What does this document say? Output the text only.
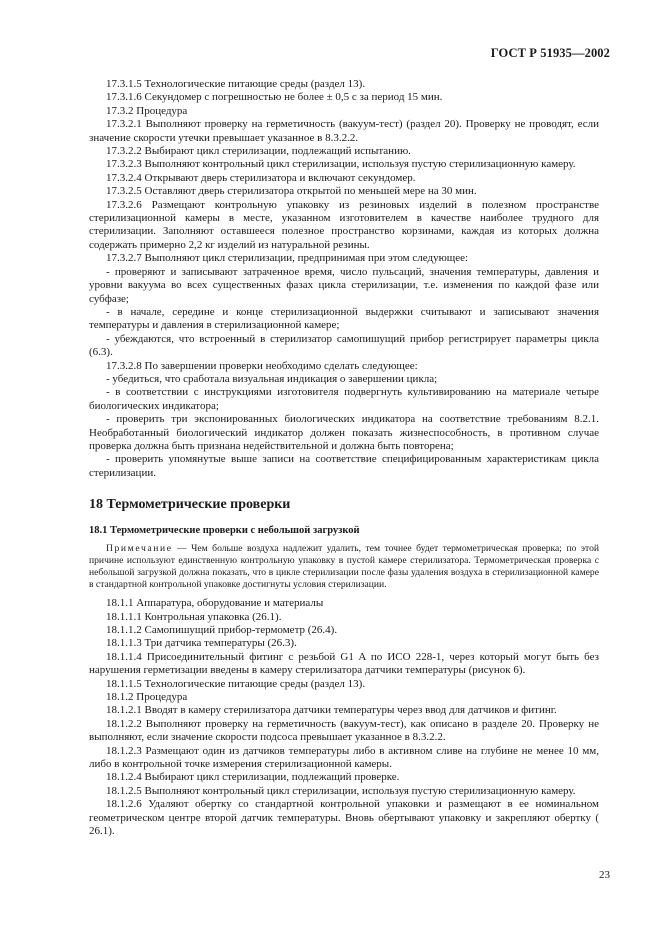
ГОСТ Р 51935—2002

17.3.1.5 Технологические питающие среды (раздел 13).

17.3.1.6 Секундомер с погрешностью не более ± 0,5 с за период 15 мин.

17.3.2 Процедура

17.3.2.1 Выполняют проверку на герметичность (вакуум-тест) (раздел 20). Проверку не проводят, если значение скорости утечки превышает указанное в 8.3.2.2.

17.3.2.2 Выбирают цикл стерилизации, подлежащий испытанию.

17.3.2.3 Выполняют контрольный цикл стерилизации, используя пустую стерилизационную камеру.

17.3.2.4 Открывают дверь стерилизатора и включают секундомер.

17.3.2.5 Оставляют дверь стерилизатора открытой по меньшей мере на 30 мин.

17.3.2.6 Размещают контрольную упаковку из резиновых изделий в полезном пространстве стерилизационной камеры в месте, указанном изготовителем в качестве наиболее трудного для стерилизации. Заполняют оставшееся полезное пространство корзинами, каждая из которых должна содержать примерно 2,2 кг изделий из натуральной резины.

17.3.2.7 Выполняют цикл стерилизации, предпринимая при этом следующее:

- проверяют и записывают затраченное время, число пульсаций, значения температуры, давления и уровни вакуума во всех существенных фазах цикла стерилизации, т.е. изменения по каждой фазе или субфазе;

- в начале, середине и конце стерилизационной выдержки считывают и записывают значения температуры и давления в стерилизационной камере;

- убеждаются, что встроенный в стерилизатор самопишущий прибор регистрирует параметры цикла (6.3).

17.3.2.8 По завершении проверки необходимо сделать следующее:

- убедиться, что сработала визуальная индикация о завершении цикла;

- в соответствии с инструкциями изготовителя подвергнуть культивированию на материале четыре биологических индикатора;

- проверить три экспонированных биологических индикатора на соответствие требованиям 8.2.1. Необработанный биологический индикатор должен показать жизнеспособность, в противном случае проверка должна быть признана недействительной и должна быть повторена;

- проверить упомянутые выше записи на соответствие специфицированным характеристикам цикла стерилизации.

18 Термометрические проверки
18.1 Термометрические проверки с небольшой загрузкой

Примечание — Чем больше воздуха надлежит удалить, тем точнее будет термометрическая проверка; по этой причине используют единственную контрольную упаковку в пустой камере стерилизатора. Термометрическая проверка с небольшой загрузкой должна показать, что в цикле стерилизации после фазы удаления воздуха в стерилизационной камере в стандартной контрольной упаковке достигнуты условия стерилизации.

18.1.1 Аппаратура, оборудование и материалы

18.1.1.1 Контрольная упаковка (26.1).

18.1.1.2 Самопишущий прибор-термометр (26.4).

18.1.1.3 Три датчика температуры (26.3).

18.1.1.4 Присоединительный фитинг с резьбой G1 A по ИСО 228-1, через который могут быть без нарушения герметизации введены в камеру стерилизатора датчики температуры (рисунок 6).

18.1.1.5 Технологические питающие среды (раздел 13).

18.1.2 Процедура

18.1.2.1 Вводят в камеру стерилизатора датчики температуры через ввод для датчиков и фитинг.

18.1.2.2 Выполняют проверку на герметичность (вакуум-тест), как описано в разделе 20. Проверку не выполняют, если значение скорости подсоса превышает указанное в 8.3.2.2.

18.1.2.3 Размещают один из датчиков температуры либо в активном сливе на глубине не менее 10 мм, либо в контрольной точке измерения стерилизационной камеры.

18.1.2.4 Выбирают цикл стерилизации, подлежащий проверке.

18.1.2.5 Выполняют контрольный цикл стерилизации, используя пустую стерилизационную камеру.

18.1.2.6 Удаляют обертку со стандартной контрольной упаковки и размещают в ее номинальном геометрическом центре второй датчик температуры. Вновь обертывают упаковку и закрепляют обертку ( 26.1).

23
